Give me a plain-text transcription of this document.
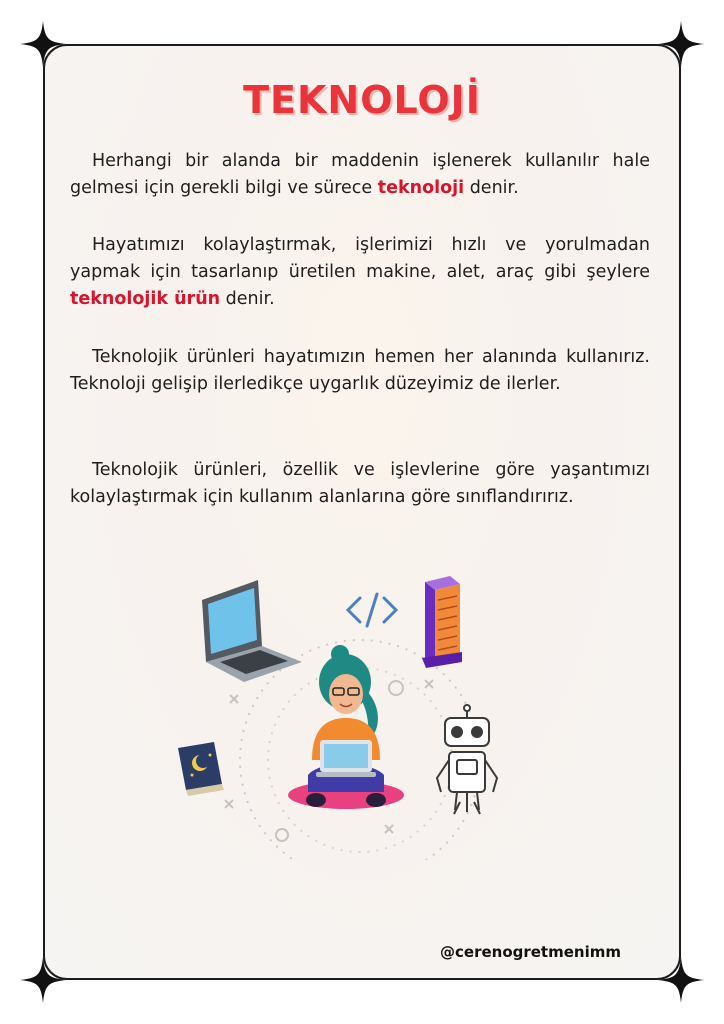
TEKNOLOJİ
Herhangi bir alanda bir maddenin işlenerek kullanılır hale gelmesi için gerekli bilgi ve sürece teknoloji denir.
Hayatımızı kolaylaştırmak, işlerimizi hızlı ve yorulmadan yapmak için tasarlanıp üretilen makine, alet, araç gibi şeylere teknolojik ürün denir.
Teknolojik ürünleri hayatımızın hemen her alanında kullanırız. Teknoloji gelişip ilerledikçe uygarlık düzeyimiz de ilerler.
Teknolojik ürünleri, özellik ve işlevlerine göre yaşantımızı kolaylaştırmak için kullanım alanlarına göre sınıflandırırız.
@cerenogretmenimm
